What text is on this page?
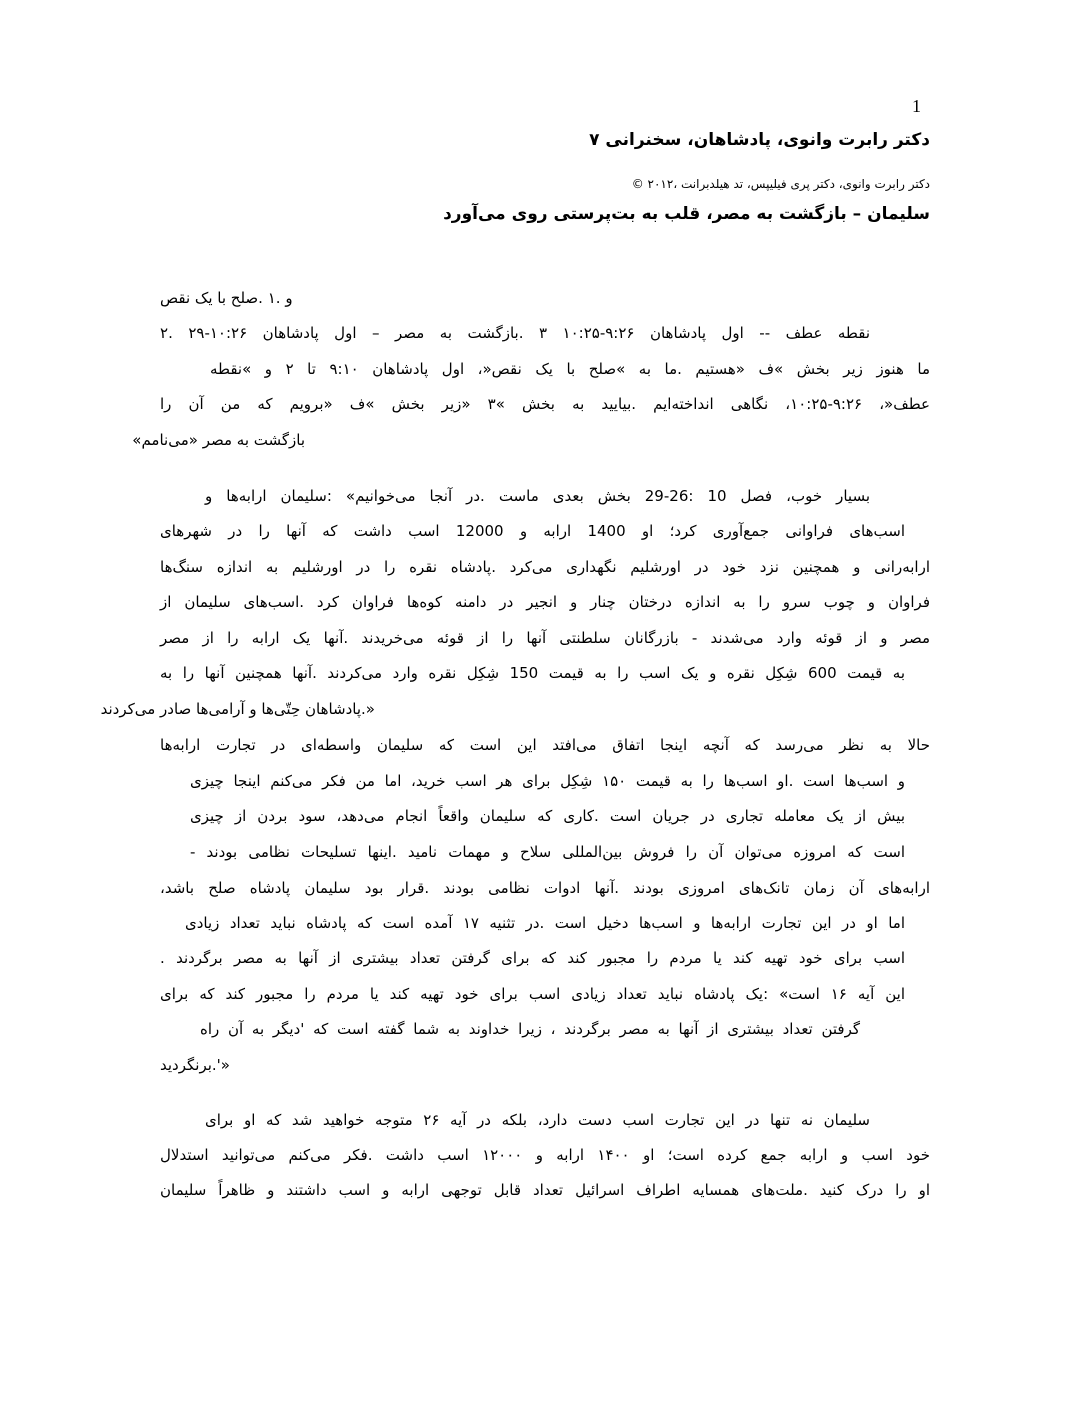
1
دکتر رابرت وانوی، پادشاهان، سخنرانی ۷
دکتر رابرت وانوی، دکتر پری فیلیپس، تد هیلدبرانت ،۲۰۱۲ ©
سلیمان – بازگشت به مصر، قلب به بت‌پرستی روی می‌آورد
و .۱ .صلح با یک نقص
نقطه عطف -- اول پادشاهان ۹:۲۶-۱۰:۲۵ ۳ .بازگشت به مصر – اول پادشاهان ۱۰:۲۶-۲۹ .۲
ما هنوز زیر بخش »ف «هستیم .ما به »صلح با یک نقص«، اول پادشاهان ۹:۱۰ تا ۲ و »نقطه
عطف«، ۹:۲۶-۱۰:۲۵، نگاهی انداخته‌ایم .بیایید به بخش »۳ «زیر بخش »ف «برویم که من آن را
بازگشت به مصر «می‌نامم»
بسیار خوب، فصل 10 :26-29 بخش بعدی ماست .در آنجا می‌خوانیم» :سلیمان ارابه‌ها و
اسب‌های فراوانی جمع‌آوری کرد؛ او 1400 ارابه و 12000 اسب داشت که آنها را در شهرهای
ارابه‌رانی و همچنین نزد خود در اورشلیم نگهداری می‌کرد .پادشاه نقره را در اورشلیم به اندازه سنگ‌ها
فراوان و چوب سرو را به اندازه درختان چنار و انجیر در دامنه کوه‌ها فراوان کرد .اسب‌های سلیمان از
مصر و از قوئه وارد می‌شدند - بازرگانان سلطنتی آنها را از قوئه می‌خریدند .آنها یک ارابه را از مصر
به قیمت 600 شِکِل نقره و یک اسب را به قیمت 150 شِکِل نقره وارد می‌کردند .آنها همچنین آنها را به
«.پادشاهان حِتّی‌ها و آرامی‌ها صادر می‌کردند
حالا به نظر می‌رسد که آنچه اینجا اتفاق می‌افتد این است که سلیمان واسطه‌ای در تجارت ارابه‌ها
و اسب‌ها است .او اسب‌ها را به قیمت ۱۵۰ شِکِل برای هر اسب خرید، اما من فکر می‌کنم اینجا چیزی
بیش از یک معامله تجاری در جریان است .کاری که سلیمان واقعاً انجام می‌دهد، سود بردن از چیزی
است که امروزه می‌توان آن را فروش بین‌المللی سلاح و مهمات نامید .اینها تسلیحات نظامی بودند -
ارابه‌های آن زمان تانک‌های امروزی بودند .آنها ادوات نظامی بودند .قرار بود سلیمان پادشاه صلح باشد،
اما او در این تجارت ارابه‌ها و اسب‌ها دخیل است .در تثنیه ۱۷ آمده است که پادشاه نباید تعداد زیادی
اسب برای خود تهیه کند یا مردم را مجبور کند که برای گرفتن تعداد بیشتری از آنها به مصر برگردند .
این آیه ۱۶ است» :یک پادشاه نباید تعداد زیادی اسب برای خود تهیه کند یا مردم را مجبور کند که برای
گرفتن تعداد بیشتری از آنها به مصر برگردند ، زیرا خداوند به شما گفته است که 'دیگر به آن راه
«'.برنگردید
سلیمان نه تنها در این تجارت اسب دست دارد، بلکه در آیه ۲۶ متوجه خواهید شد که او برای
خود اسب و ارابه جمع کرده است؛ او ۱۴۰۰ ارابه و ۱۲۰۰۰ اسب داشت .فکر می‌کنم می‌توانید استدلال
او را درک کنید .ملت‌های همسایه اطراف اسرائیل تعداد قابل توجهی ارابه و اسب داشتند و ظاهراً سلیمان
